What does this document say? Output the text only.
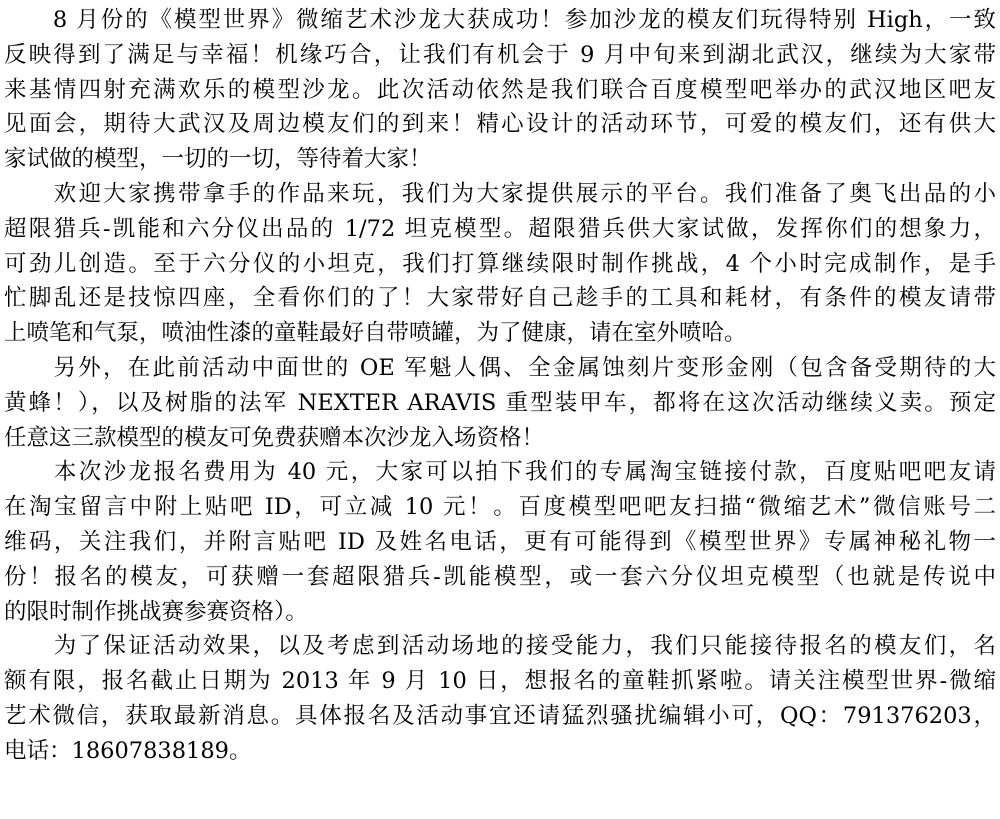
　　8 月份的《模型世界》微缩艺术沙龙大获成功！参加沙龙的模友们玩得特别 High，一致
反映得到了满足与幸福！机缘巧合，让我们有机会于 9 月中旬来到湖北武汉，继续为大家带
来基情四射充满欢乐的模型沙龙。此次活动依然是我们联合百度模型吧举办的武汉地区吧友
见面会，期待大武汉及周边模友们的到来！精心设计的活动环节，可爱的模友们，还有供大
家试做的模型，一切的一切，等待着大家！
　　欢迎大家携带拿手的作品来玩，我们为大家提供展示的平台。我们准备了奥飞出品的小
超限猎兵-凯能和六分仪出品的 1/72 坦克模型。超限猎兵供大家试做，发挥你们的想象力，
可劲儿创造。至于六分仪的小坦克，我们打算继续限时制作挑战，4 个小时完成制作，是手
忙脚乱还是技惊四座，全看你们的了！大家带好自己趁手的工具和耗材，有条件的模友请带
上喷笔和气泵，喷油性漆的童鞋最好自带喷罐，为了健康，请在室外喷哈。
　　另外，在此前活动中面世的 OE 军魁人偶、全金属蚀刻片变形金刚（包含备受期待的大
黄蜂！），以及树脂的法军 NEXTER ARAVIS 重型装甲车，都将在这次活动继续义卖。预定
任意这三款模型的模友可免费获赠本次沙龙入场资格！
　　本次沙龙报名费用为 40 元，大家可以拍下我们的专属淘宝链接付款，百度贴吧吧友请
在淘宝留言中附上贴吧 ID，可立减 10 元！。百度模型吧吧友扫描“微缩艺术”微信账号二
维码，关注我们，并附言贴吧 ID 及姓名电话，更有可能得到《模型世界》专属神秘礼物一
份！报名的模友，可获赠一套超限猎兵-凯能模型，或一套六分仪坦克模型（也就是传说中
的限时制作挑战赛参赛资格）。
　　为了保证活动效果，以及考虑到活动场地的接受能力，我们只能接待报名的模友们，名
额有限，报名截止日期为 2013 年 9 月 10 日，想报名的童鞋抓紧啦。请关注模型世界-微缩
艺术微信，获取最新消息。具体报名及活动事宜还请猛烈骚扰编辑小可，QQ：791376203，
电话：18607838189。
